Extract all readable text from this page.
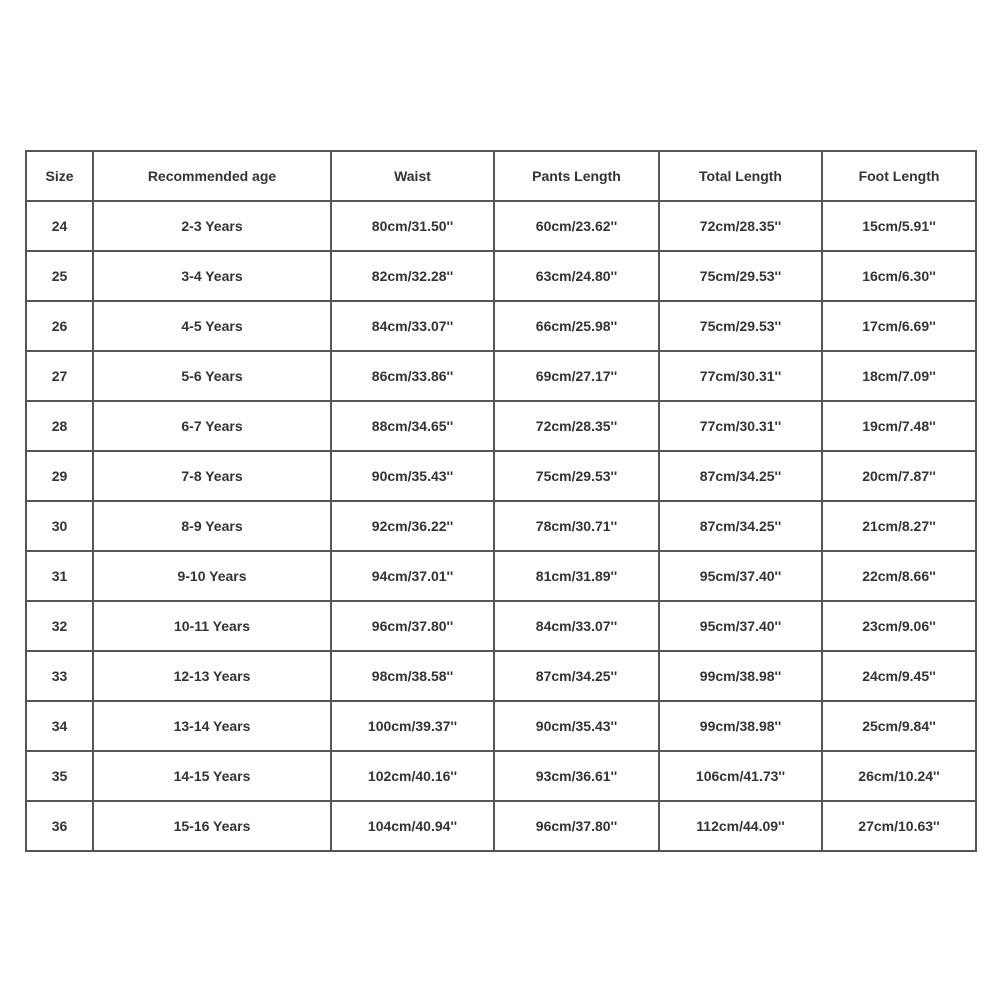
Size	Recommended age	Waist	Pants Length	Total Length	Foot Length
24	2-3 Years	80cm/31.50''	60cm/23.62''	72cm/28.35''	15cm/5.91''
25	3-4 Years	82cm/32.28''	63cm/24.80''	75cm/29.53''	16cm/6.30''
26	4-5 Years	84cm/33.07''	66cm/25.98''	75cm/29.53''	17cm/6.69''
27	5-6 Years	86cm/33.86''	69cm/27.17''	77cm/30.31''	18cm/7.09''
28	6-7 Years	88cm/34.65''	72cm/28.35''	77cm/30.31''	19cm/7.48''
29	7-8 Years	90cm/35.43''	75cm/29.53''	87cm/34.25''	20cm/7.87''
30	8-9 Years	92cm/36.22''	78cm/30.71''	87cm/34.25''	21cm/8.27''
31	9-10 Years	94cm/37.01''	81cm/31.89''	95cm/37.40''	22cm/8.66''
32	10-11 Years	96cm/37.80''	84cm/33.07''	95cm/37.40''	23cm/9.06''
33	12-13 Years	98cm/38.58''	87cm/34.25''	99cm/38.98''	24cm/9.45''
34	13-14 Years	100cm/39.37''	90cm/35.43''	99cm/38.98''	25cm/9.84''
35	14-15 Years	102cm/40.16''	93cm/36.61''	106cm/41.73''	26cm/10.24''
36	15-16 Years	104cm/40.94''	96cm/37.80''	112cm/44.09''	27cm/10.63''
